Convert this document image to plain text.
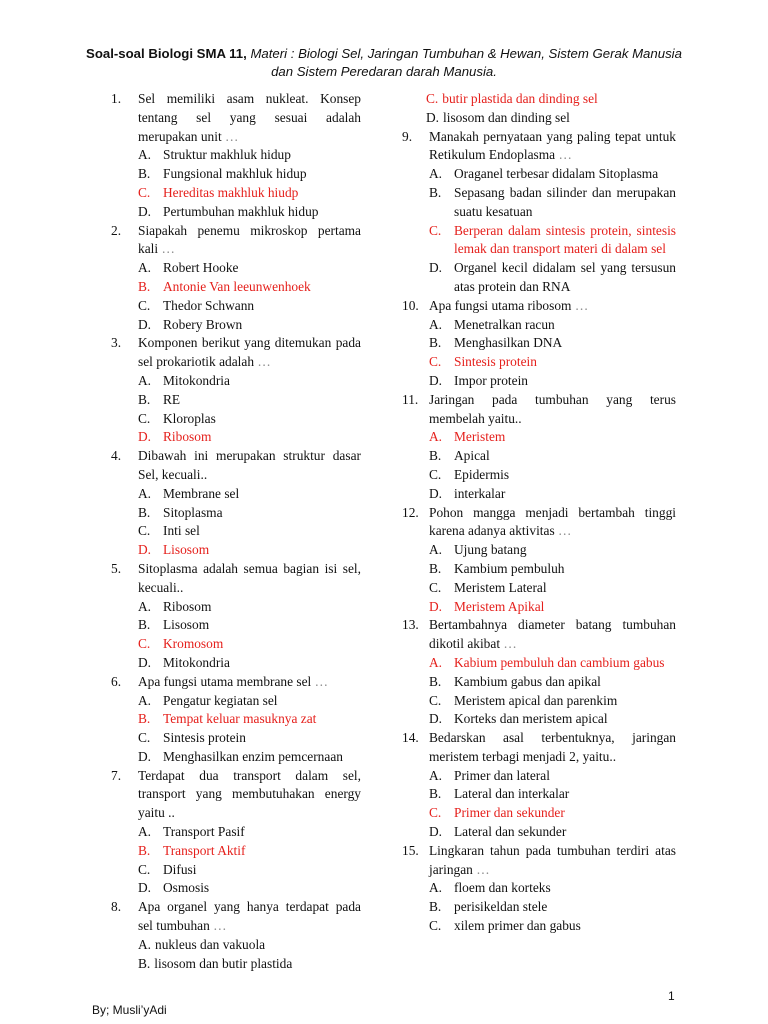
Soal-soal Biologi SMA 11, Materi : Biologi Sel, Jaringan Tumbuhan & Hewan, Sistem Gerak Manusia
dan Sistem Peredaran darah Manusia.
1.	Sel memiliki asam nukleat. Konsep tentang sel yang sesuai adalah merupakan unit …
A. Struktur makhluk hidup
B. Fungsional makhluk hidup
C. Hereditas makhluk hiudp
D. Pertumbuhan makhluk hidup
2.	Siapakah penemu mikroskop pertama kali …
A. Robert Hooke
B. Antonie Van leeunwenhoek
C. Thedor Schwann
D. Robery Brown
3.	Komponen berikut yang ditemukan pada sel prokariotik adalah …
A. Mitokondria
B. RE
C. Kloroplas
D. Ribosom
4.	Dibawah ini merupakan struktur dasar Sel, kecuali..
A. Membrane sel
B. Sitoplasma
C. Inti sel
D. Lisosom
5.	Sitoplasma adalah semua bagian isi sel, kecuali..
A. Ribosom
B. Lisosom
C. Kromosom
D. Mitokondria
6.	Apa fungsi utama membrane sel …
A. Pengatur kegiatan sel
B. Tempat keluar masuknya zat
C. Sintesis protein
D. Menghasilkan enzim pemcernaan
7.	Terdapat dua transport dalam sel, transport yang membutuhakan energy yaitu ..
A. Transport Pasif
B. Transport Aktif
C. Difusi
D. Osmosis
8.	Apa organel yang hanya terdapat pada sel tumbuhan …
A. nukleus dan vakuola
B. lisosom dan butir plastida
C. butir plastida dan dinding sel
D. lisosom dan dinding sel
9.	Manakah pernyataan yang paling tepat untuk Retikulum Endoplasma …
A. Oraganel terbesar didalam Sitoplasma
B. Sepasang badan silinder dan merupakan suatu kesatuan
C. Berperan dalam sintesis protein, sintesis lemak dan transport materi di dalam sel
D. Organel kecil didalam sel yang tersusun atas protein dan RNA
10. Apa fungsi utama ribosom …
A. Menetralkan racun
B. Menghasilkan DNA
C. Sintesis protein
D. Impor protein
11. Jaringan pada tumbuhan yang terus membelah yaitu..
A. Meristem
B. Apical
C. Epidermis
D. interkalar
12. Pohon mangga menjadi bertambah tinggi karena adanya aktivitas …
A. Ujung batang
B. Kambium pembuluh
C. Meristem Lateral
D. Meristem Apikal
13. Bertambahnya diameter batang tumbuhan dikotil akibat …
A. Kabium pembuluh dan cambium gabus
B. Kambium gabus dan apikal
C. Meristem apical dan parenkim
D. Korteks dan meristem apical
14. Bedarskan asal terbentuknya, jaringan meristem terbagi menjadi 2, yaitu..
A. Primer dan lateral
B. Lateral dan interkalar
C. Primer dan sekunder
D. Lateral dan sekunder
15. Lingkaran tahun pada tumbuhan terdiri atas jaringan …
A. floem dan korteks
B. perisikeldan stele
C. xilem primer dan gabus
1
By; Musli’yAdi
